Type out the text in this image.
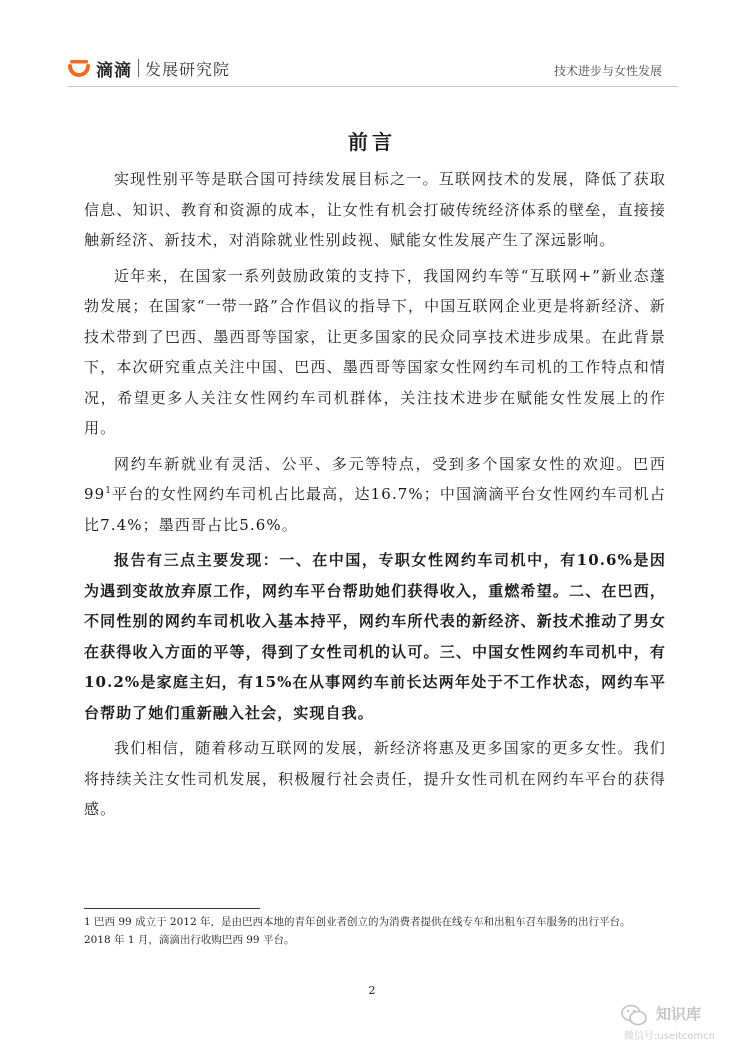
滴滴 发展研究院	技术进步与女性发展
前言

实现性别平等是联合国可持续发展目标之一。互联网技术的发展，降低了获取信息、知识、教育和资源的成本，让女性有机会打破传统经济体系的壁垒，直接接触新经济、新技术，对消除就业性别歧视、赋能女性发展产生了深远影响。

近年来，在国家一系列鼓励政策的支持下，我国网约车等“互联网+”新业态蓬勃发展；在国家“一带一路”合作倡议的指导下，中国互联网企业更是将新经济、新技术带到了巴西、墨西哥等国家，让更多国家的民众同享技术进步成果。在此背景下，本次研究重点关注中国、巴西、墨西哥等国家女性网约车司机的工作特点和情况，希望更多人关注女性网约车司机群体，关注技术进步在赋能女性发展上的作用。

网约车新就业有灵活、公平、多元等特点，受到多个国家女性的欢迎。巴西99$^1$平台的女性网约车司机占比最高，达16.7%；中国滴滴平台女性网约车司机占比7.4%；墨西哥占比5.6%。

报告有三点主要发现：一、在中国，专职女性网约车司机中，有10.6%是因为遇到变故放弃原工作，网约车平台帮助她们获得收入，重燃希望。二、在巴西，不同性别的网约车司机收入基本持平，网约车所代表的新经济、新技术推动了男女在获得收入方面的平等，得到了女性司机的认可。三、中国女性网约车司机中，有10.2%是家庭主妇，有15%在从事网约车前长达两年处于不工作状态，网约车平台帮助了她们重新融入社会，实现自我。

我们相信，随着移动互联网的发展，新经济将惠及更多国家的更多女性。我们将持续关注女性司机发展，积极履行社会责任，提升女性司机在网约车平台的获得感。

1 巴西 99 成立于 2012 年，是由巴西本地的青年创业者创立的为消费者提供在线专车和出租车召车服务的出行平台。
2018 年 1 月，滴滴出行收购巴西 99 平台。
2
知识库
微信号:useitcomcn
